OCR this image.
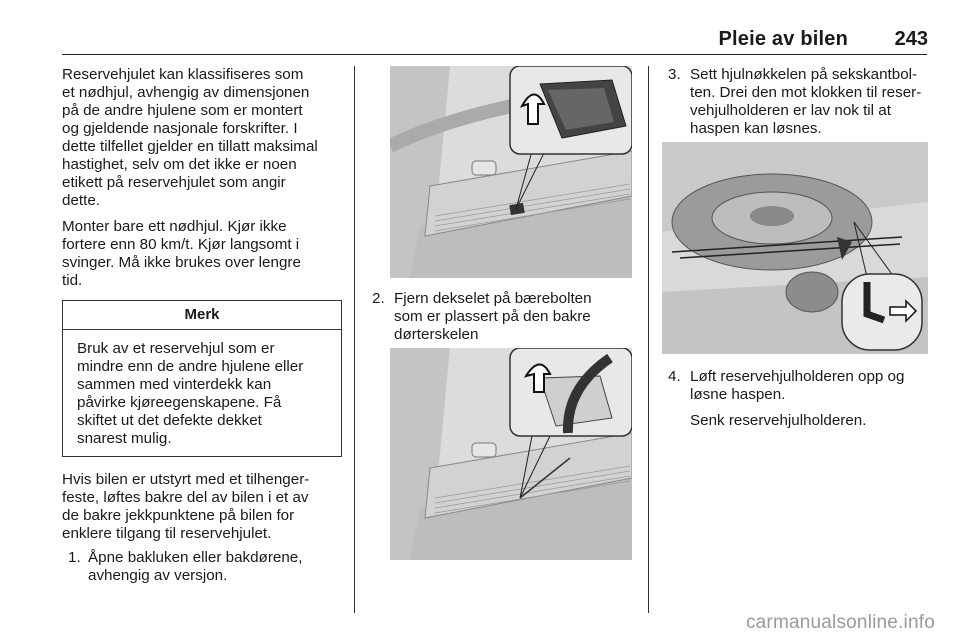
Pleie av bilen	243

Reservehjulet kan klassifiseres som
et nødhjul, avhengig av dimensjonen
på de andre hjulene som er montert
og gjeldende nasjonale forskrifter. I
dette tilfellet gjelder en tillatt maksimal
hastighet, selv om det ikke er noen
etikett på reservehjulet som angir
dette.

Monter bare ett nødhjul. Kjør ikke
fortere enn 80 km/t. Kjør langsomt i
svinger. Må ikke brukes over lengre
tid.

Merk
Bruk av et reservehjul som er
mindre enn de andre hjulene eller
sammen med vinterdekk kan
påvirke kjøreegenskapene. Få
skiftet ut det defekte dekket
snarest mulig.

Hvis bilen er utstyrt med et tilhenger-
feste, løftes bakre del av bilen i et av
de bakre jekkpunktene på bilen for
enklere tilgang til reservehjulet.

1. Åpne bakluken eller bakdørene,
avhengig av versjon.
2. Fjern dekselet på bærebolten
som er plassert på den bakre
dørterskelen
3. Sett hjulnøkkelen på sekskantbol-
ten. Drei den mot klokken til reser-
vehjulholderen er lav nok til at
haspen kan løsnes.
4. Løft reservehjulholderen opp og
løsne haspen.

Senk reservehjulholderen.

carmanualsonline.info
